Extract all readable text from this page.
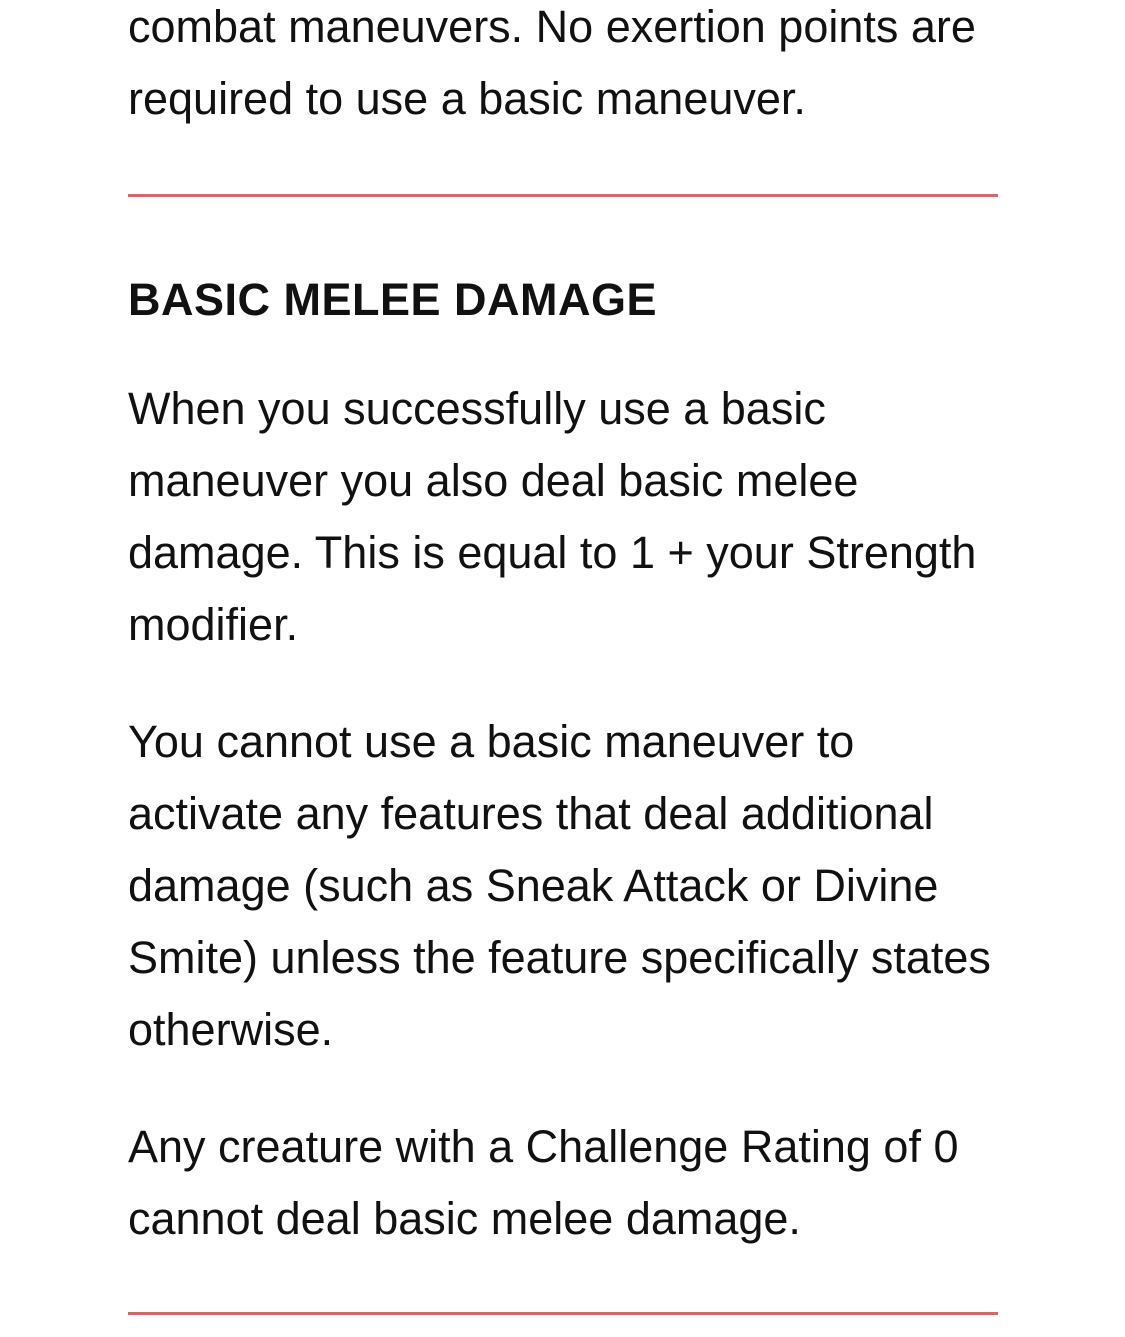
combat maneuvers. No exertion points are required to use a basic maneuver.

BASIC MELEE DAMAGE

When you successfully use a basic maneuver you also deal basic melee damage. This is equal to 1 + your Strength modifier.

You cannot use a basic maneuver to activate any features that deal additional damage (such as Sneak Attack or Divine Smite) unless the feature specifically states otherwise.

Any creature with a Challenge Rating of 0 cannot deal basic melee damage.
